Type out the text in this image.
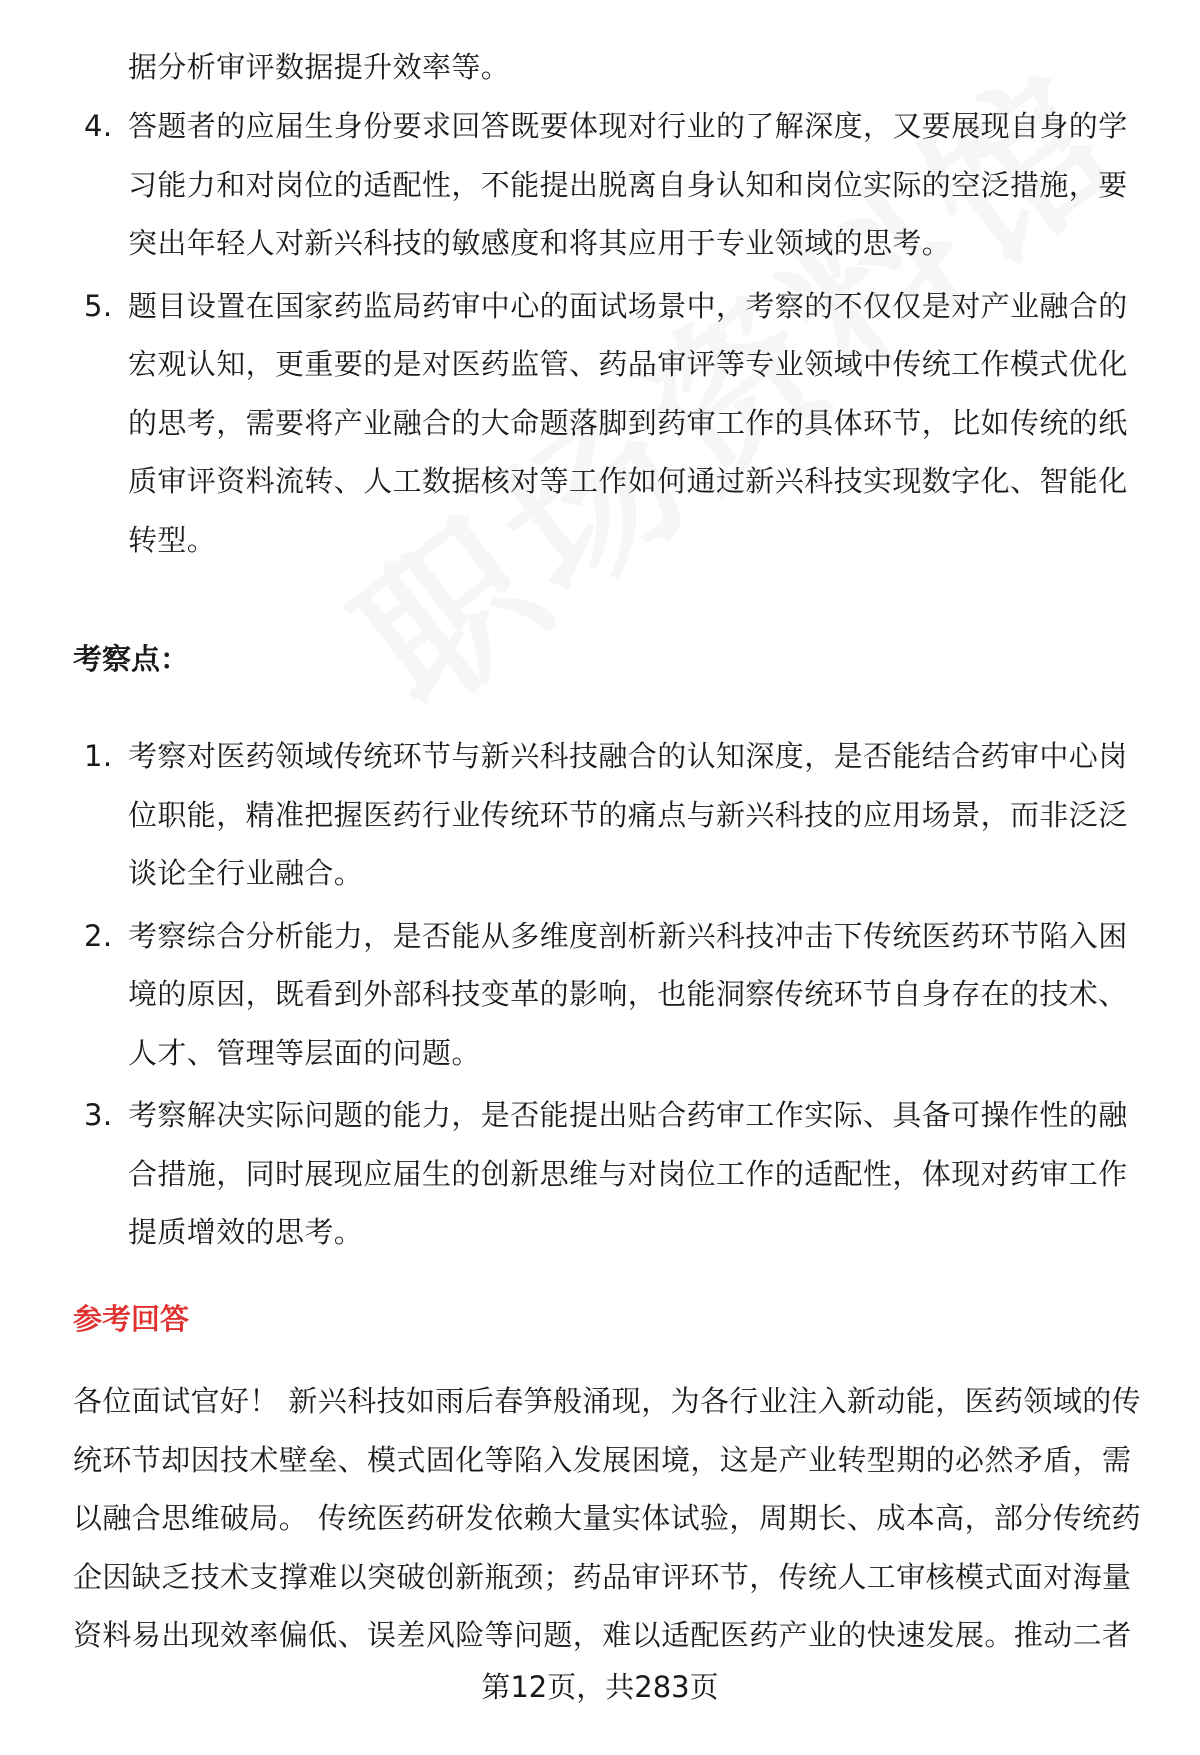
据分析审评数据提升效率等。
4. 答题者的应届生身份要求回答既要体现对行业的了解深度，又要展现自身的学习能力和对岗位的适配性，不能提出脱离自身认知和岗位实际的空泛措施，要突出年轻人对新兴科技的敏感度和将其应用于专业领域的思考。
5. 题目设置在国家药监局药审中心的面试场景中，考察的不仅仅是对产业融合的宏观认知，更重要的是对医药监管、药品审评等专业领域中传统工作模式优化的思考，需要将产业融合的大命题落脚到药审工作的具体环节，比如传统的纸质审评资料流转、人工数据核对等工作如何通过新兴科技实现数字化、智能化转型。
考察点：
1. 考察对医药领域传统环节与新兴科技融合的认知深度，是否能结合药审中心岗位职能，精准把握医药行业传统环节的痛点与新兴科技的应用场景，而非泛泛谈论全行业融合。
2. 考察综合分析能力，是否能从多维度剖析新兴科技冲击下传统医药环节陷入困境的原因，既看到外部科技变革的影响，也能洞察传统环节自身存在的技术、人才、管理等层面的问题。
3. 考察解决实际问题的能力，是否能提出贴合药审工作实际、具备可操作性的融合措施，同时展现应届生的创新思维与对岗位工作的适配性，体现对药审工作提质增效的思考。
参考回答
各位面试官好！ 新兴科技如雨后春笋般涌现，为各行业注入新动能，医药领域的传统环节却因技术壁垒、模式固化等陷入发展困境，这是产业转型期的必然矛盾，需以融合思维破局。 传统医药研发依赖大量实体试验，周期长、成本高，部分传统药企因缺乏技术支撑难以突破创新瓶颈；药品审评环节，传统人工审核模式面对海量资料易出现效率偏低、误差风险等问题，难以适配医药产业的快速发展。推动二者
第12页，共283页
